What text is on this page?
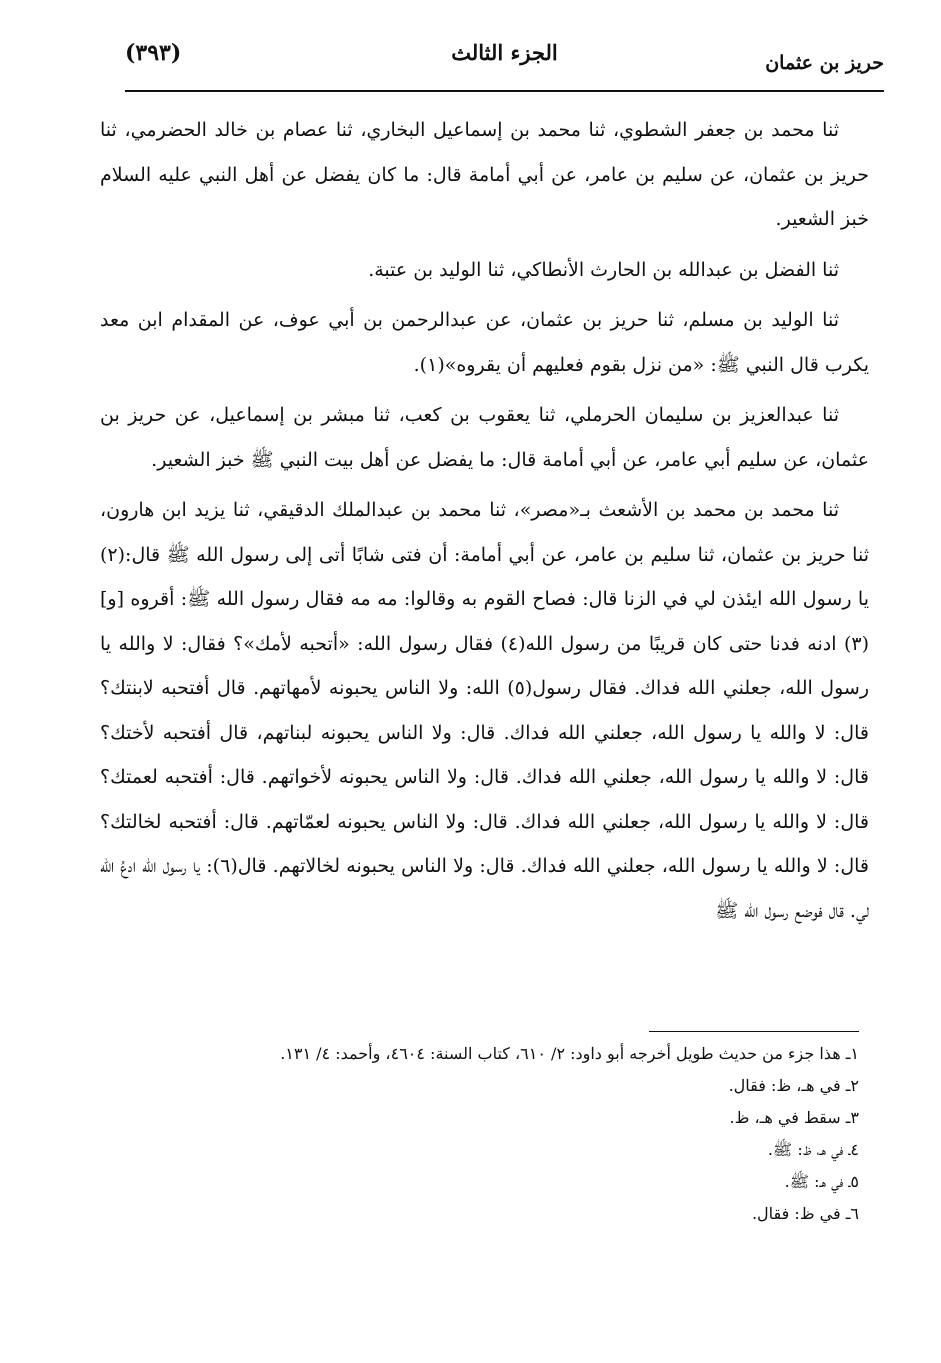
حريز بن عثمان
الجزء الثالث
(٣٩٣)

ثنا محمد بن جعفر الشطوي، ثنا محمد بن إسماعيل البخاري، ثنا عصام بن خالد الحضرمي، ثنا حريز بن عثمان، عن سليم بن عامر، عن أبي أمامة قال: ما كان يفضل عن أهل النبي عليه السلام خبز الشعير.

ثنا الفضل بن عبدالله بن الحارث الأنطاكي، ثنا الوليد بن عتبة.

ثنا الوليد بن مسلم، ثنا حريز بن عثمان، عن عبدالرحمن بن أبي عوف، عن المقدام ابن معد يكرب قال النبي ﷺ: «من نزل بقوم فعليهم أن يقروه»(١).

ثنا عبدالعزيز بن سليمان الحرملي، ثنا يعقوب بن كعب، ثنا مبشر بن إسماعيل، عن حريز بن عثمان، عن سليم أبي عامر، عن أبي أمامة قال: ما يفضل عن أهل بيت النبي ﷺ خبز الشعير.

ثنا محمد بن محمد بن الأشعث بـ«مصر»، ثنا محمد بن عبدالملك الدقيقي، ثنا يزيد ابن هارون، ثنا حريز بن عثمان، ثنا سليم بن عامر، عن أبي أمامة: أن فتى شابًا أتى إلى رسول الله ﷺ قال:(٢) يا رسول الله ايئذن لي في الزنا قال: فصاح القوم به وقالوا: مه مه فقال رسول الله ﷺ: أقروه [و](٣) ادنه فدنا حتى كان قريبًا من رسول الله(٤) فقال رسول الله: «أتحبه لأمك»؟ فقال: لا والله يا رسول الله، جعلني الله فداك. فقال رسول(٥) الله: ولا الناس يحبونه لأمهاتهم. قال أفتحبه لابنتك؟ قال: لا والله يا رسول الله، جعلني الله فداك. قال: ولا الناس يحبونه لبناتهم، قال أفتحبه لأختك؟ قال: لا والله يا رسول الله، جعلني الله فداك. قال: ولا الناس يحبونه لأخواتهم. قال: أفتحبه لعمتك؟ قال: لا والله يا رسول الله، جعلني الله فداك. قال: ولا الناس يحبونه لعمّاتهم. قال: أفتحبه لخالتك؟ قال: لا والله يا رسول الله، جعلني الله فداك. قال: ولا الناس يحبونه لخالاتهم. قال(٦): يا رسول الله ادعُ الله لي. قال فوضع رسول الله ﷺ

١ـ هذا جزء من حديث طويل أخرجه أبو داود: ٢/ ٦١٠، كتاب السنة: ٤٦٠٤، وأحمد: ٤/ ١٣١.

٢ـ في هـ، ظ: فقال.

٣ـ سقط في هـ، ظ.

٤ـ في هـ، ظ: ﷺ.

٥ـ في هـ: ﷺ.

٦ـ في ظ: فقال.
